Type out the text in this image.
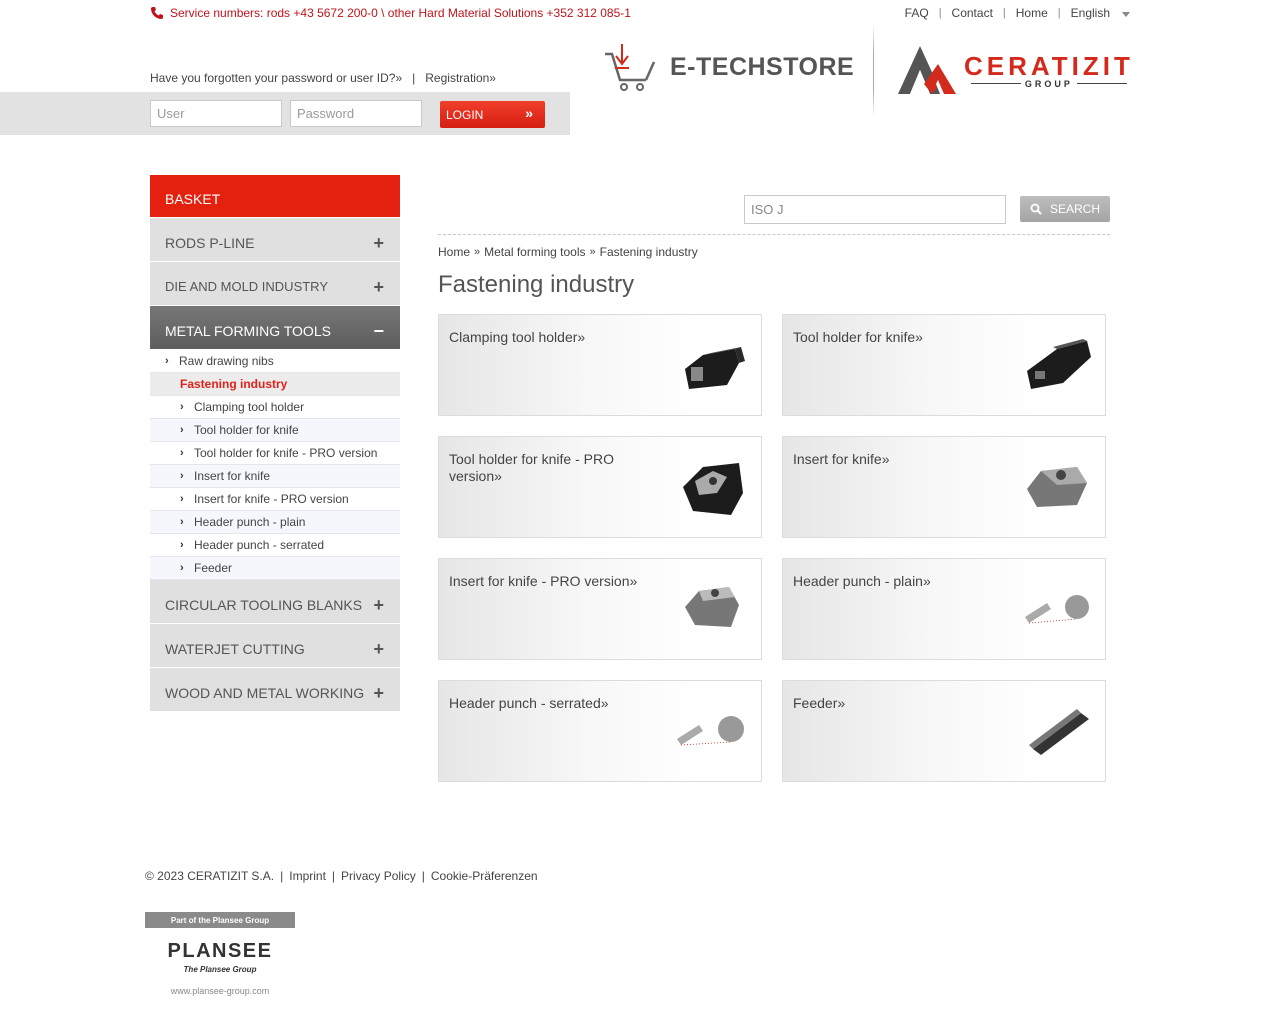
Service numbers: rods +43 5672 200-0 \ other Hard Material Solutions +352 312 085-1	FAQ | Contact | Home | English
Have you forgotten your password or user ID?» | Registration»
User
LOGIN	»
E-TECHSTORE	CERATIZIT
GROUP
BASKET
RODS P-LINE	+
DIE AND MOLD INDUSTRY	+
METAL FORMING TOOLS −
› Raw drawing nibs
Fastening industry
› Clamping tool holder
› Tool holder for knife
› Tool holder for knife - PRO version
› Insert for knife
› Insert for knife - PRO version
› Header punch - plain
› Header punch - serrated
› Feeder
CIRCULAR TOOLING BLANKS +
WATERJET CUTTING	+
WOOD AND METAL WORKING +
ISO J
SEARCH
Home » Metal forming tools » Fastening industry
Fastening industry
Clamping tool holder»	Tool holder for knife»
Tool holder for knife - PRO version»
Insert for knife»
Insert for knife - PRO version»	Header punch - plain»
Header punch - serrated»	Feeder»
© 2023 CERATIZIT S.A. | Imprint | Privacy Policy | Cookie-Präferenzen
Part of the Plansee Group
PLANSEE
The Plansee Group
www.plansee-group.com
